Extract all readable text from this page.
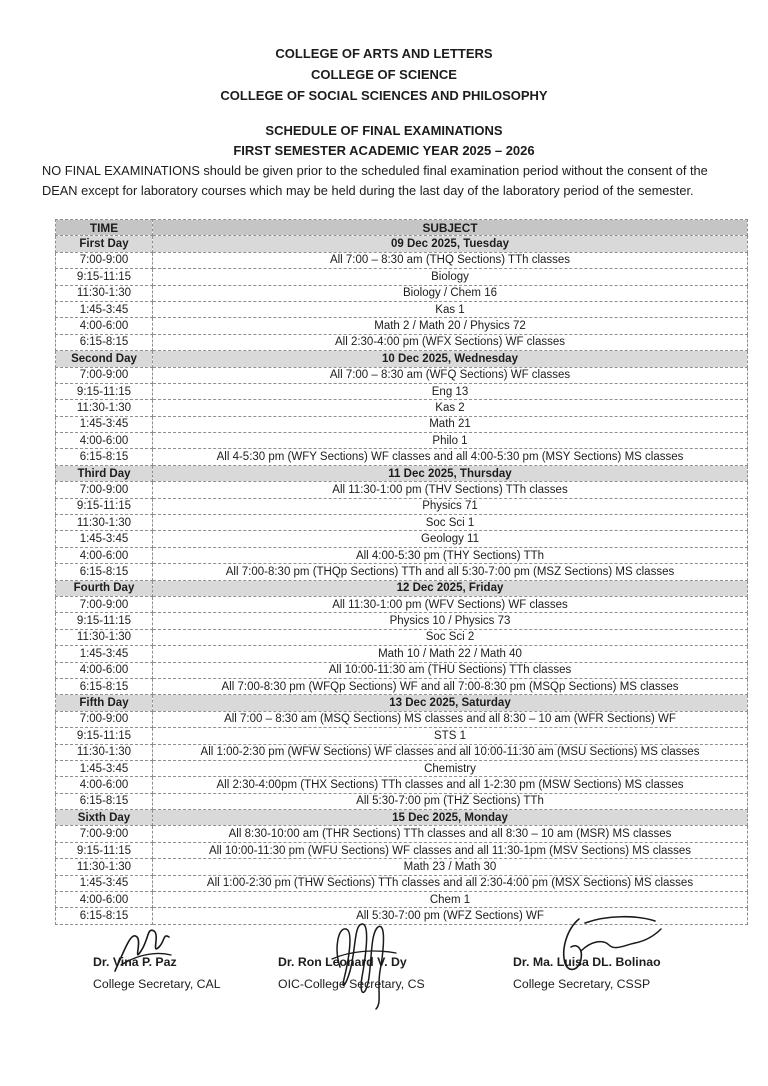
COLLEGE OF ARTS AND LETTERS
COLLEGE OF SCIENCE
COLLEGE OF SOCIAL SCIENCES AND PHILOSOPHY
SCHEDULE OF FINAL EXAMINATIONS
FIRST SEMESTER ACADEMIC YEAR 2025 – 2026
NO FINAL EXAMINATIONS should be given prior to the scheduled final examination period without the consent of the DEAN except for laboratory courses which may be held during the last day of the laboratory period of the semester.
TIME	SUBJECT
First Day	09 Dec 2025, Tuesday
7:00-9:00	All 7:00 – 8:30 am (THQ Sections) TTh classes
9:15-11:15	Biology
11:30-1:30	Biology / Chem 16
1:45-3:45	Kas 1
4:00-6:00	Math 2 / Math 20 / Physics 72
6:15-8:15	All 2:30-4:00 pm (WFX Sections) WF classes
Second Day	10 Dec 2025, Wednesday
7:00-9:00	All 7:00 – 8:30 am (WFQ Sections) WF classes
9:15-11:15	Eng 13
11:30-1:30	Kas 2
1:45-3:45	Math 21
4:00-6:00	Philo 1
6:15-8:15	All 4-5:30 pm (WFY Sections) WF classes and all 4:00-5:30 pm (MSY Sections) MS classes
Third Day	11 Dec 2025, Thursday
7:00-9:00	All 11:30-1:00 pm (THV Sections) TTh classes
9:15-11:15	Physics 71
11:30-1:30	Soc Sci 1
1:45-3:45	Geology 11
4:00-6:00	All 4:00-5:30 pm (THY Sections) TTh
6:15-8:15	All 7:00-8:30 pm (THQp Sections) TTh and all 5:30-7:00 pm (MSZ Sections) MS classes
Fourth Day	12 Dec 2025, Friday
7:00-9:00	All 11:30-1:00 pm (WFV Sections) WF classes
9:15-11:15	Physics 10 / Physics 73
11:30-1:30	Soc Sci 2
1:45-3:45	Math 10 / Math 22 / Math 40
4:00-6:00	All 10:00-11:30 am (THU Sections) TTh classes
6:15-8:15	All 7:00-8:30 pm (WFQp Sections) WF and all 7:00-8:30 pm (MSQp Sections) MS classes
Fifth Day	13 Dec 2025, Saturday
7:00-9:00	All 7:00 – 8:30 am (MSQ Sections) MS classes and all 8:30 – 10 am (WFR Sections) WF
9:15-11:15	STS 1
11:30-1:30	All 1:00-2:30 pm (WFW Sections) WF classes and all 10:00-11:30 am (MSU Sections) MS classes
1:45-3:45	Chemistry
4:00-6:00	All 2:30-4:00pm (THX Sections) TTh classes and all 1-2:30 pm (MSW Sections) MS classes
6:15-8:15	All 5:30-7:00 pm (THZ Sections) TTh
Sixth Day	15 Dec 2025, Monday
7:00-9:00	All 8:30-10:00 am (THR Sections) TTh classes and all 8:30 – 10 am (MSR) MS classes
9:15-11:15	All 10:00-11:30 pm (WFU Sections) WF classes and all 11:30-1pm (MSV Sections) MS classes
11:30-1:30	Math 23 / Math 30
1:45-3:45	All 1:00-2:30 pm (THW Sections) TTh classes and all 2:30-4:00 pm (MSX Sections) MS classes
4:00-6:00	Chem 1
6:15-8:15	All 5:30-7:00 pm (WFZ Sections) WF
Dr. Vina P. Paz
College Secretary, CAL
Dr. Ron Leonard V. Dy
OIC-College Secretary, CS
Dr. Ma. Luisa DL. Bolinao
College Secretary, CSSP
